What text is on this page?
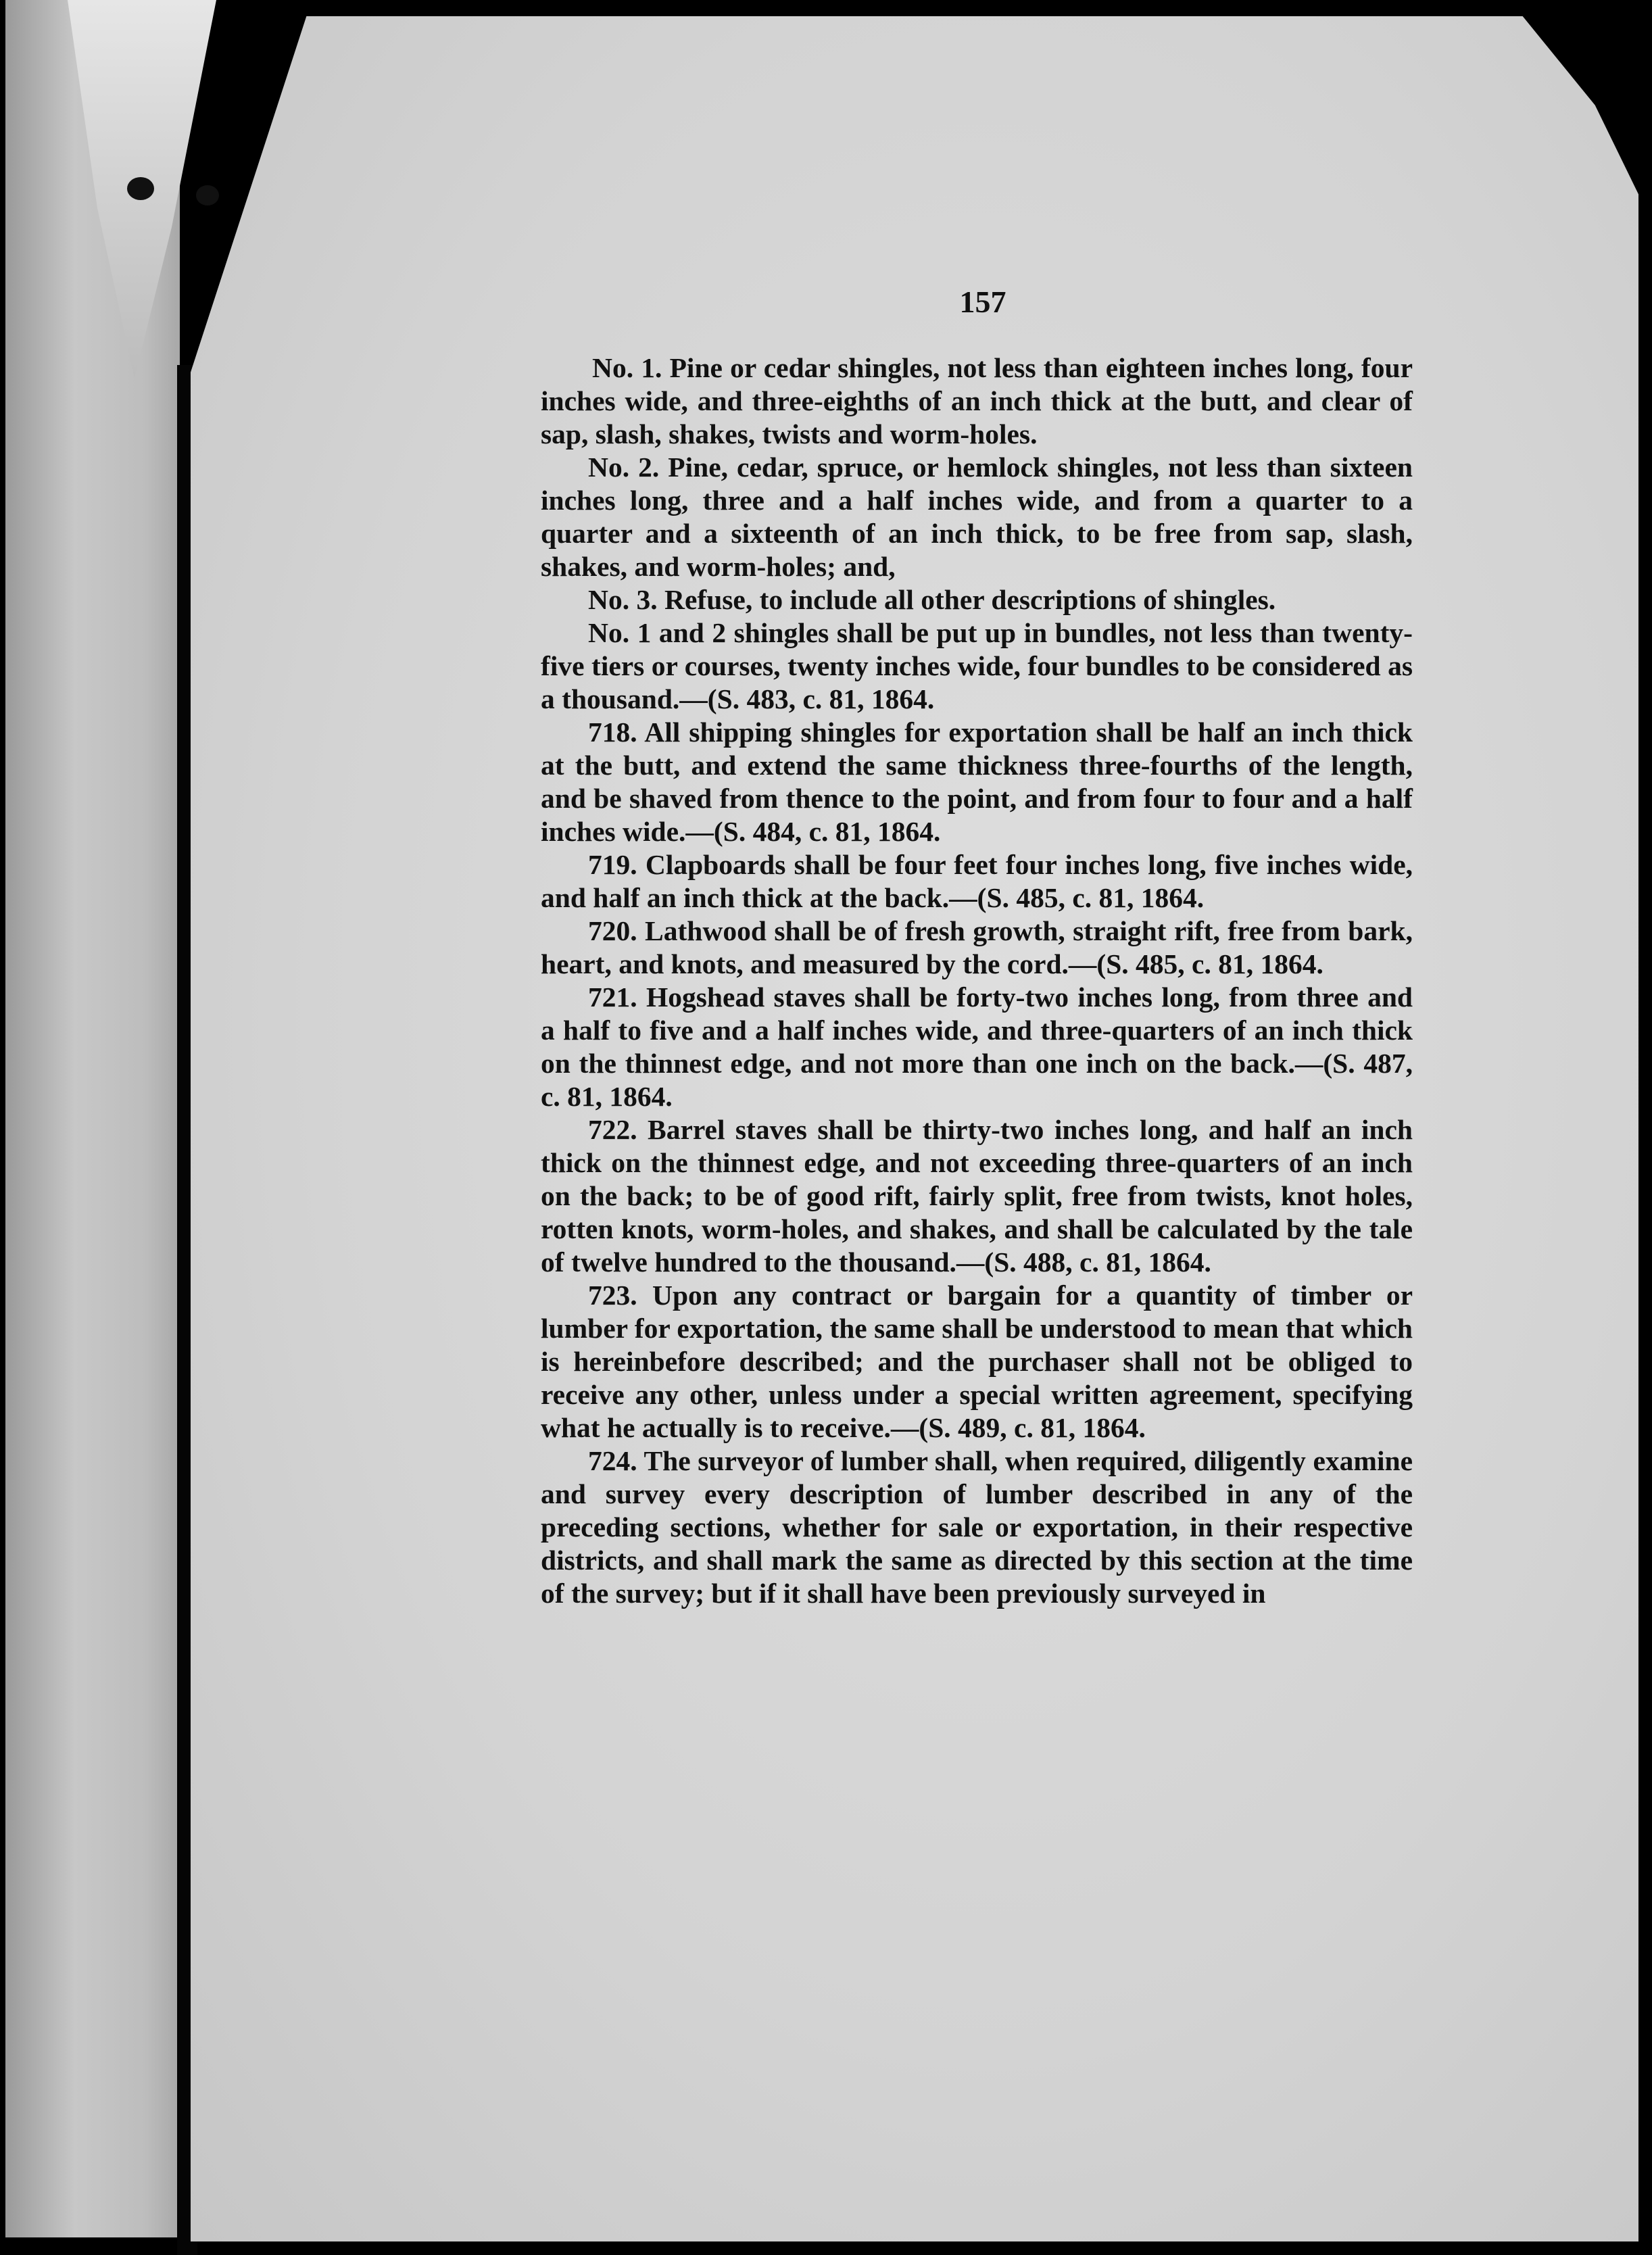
157

No. 1. Pine or cedar shingles, not less than eighteen inches long, four inches wide, and three-eighths of an inch thick at the butt, and clear of sap, slash, shakes, twists and worm-holes.

No. 2. Pine, cedar, spruce, or hemlock shingles, not less than sixteen inches long, three and a half inches wide, and from a quarter to a quarter and a sixteenth of an inch thick, to be free from sap, slash, shakes, and worm-holes; and,

No. 3. Refuse, to include all other descriptions of shingles.

No. 1 and 2 shingles shall be put up in bundles, not less than twenty-five tiers or courses, twenty inches wide, four bundles to be considered as a thousand.—(S. 483, c. 81, 1864.

718. All shipping shingles for exportation shall be half an inch thick at the butt, and extend the same thickness three-fourths of the length, and be shaved from thence to the point, and from four to four and a half inches wide.—(S. 484, c. 81, 1864.

719. Clapboards shall be four feet four inches long, five inches wide, and half an inch thick at the back.—(S. 485, c. 81, 1864.

720. Lathwood shall be of fresh growth, straight rift, free from bark, heart, and knots, and measured by the cord.—(S. 485, c. 81, 1864.

721. Hogshead staves shall be forty-two inches long, from three and a half to five and a half inches wide, and three-quarters of an inch thick on the thinnest edge, and not more than one inch on the back.—(S. 487, c. 81, 1864.

722. Barrel staves shall be thirty-two inches long, and half an inch thick on the thinnest edge, and not exceeding three-quarters of an inch on the back; to be of good rift, fairly split, free from twists, knot holes, rotten knots, worm-holes, and shakes, and shall be calculated by the tale of twelve hundred to the thousand.—(S. 488, c. 81, 1864.

723. Upon any contract or bargain for a quantity of timber or lumber for exportation, the same shall be understood to mean that which is hereinbefore described; and the purchaser shall not be obliged to receive any other, unless under a special written agreement, specifying what he actually is to receive.—(S. 489, c. 81, 1864.

724. The surveyor of lumber shall, when required, diligently examine and survey every description of lumber described in any of the preceding sections, whether for sale or exportation, in their respective districts, and shall mark the same as directed by this section at the time of the survey; but if it shall have been previously surveyed in
